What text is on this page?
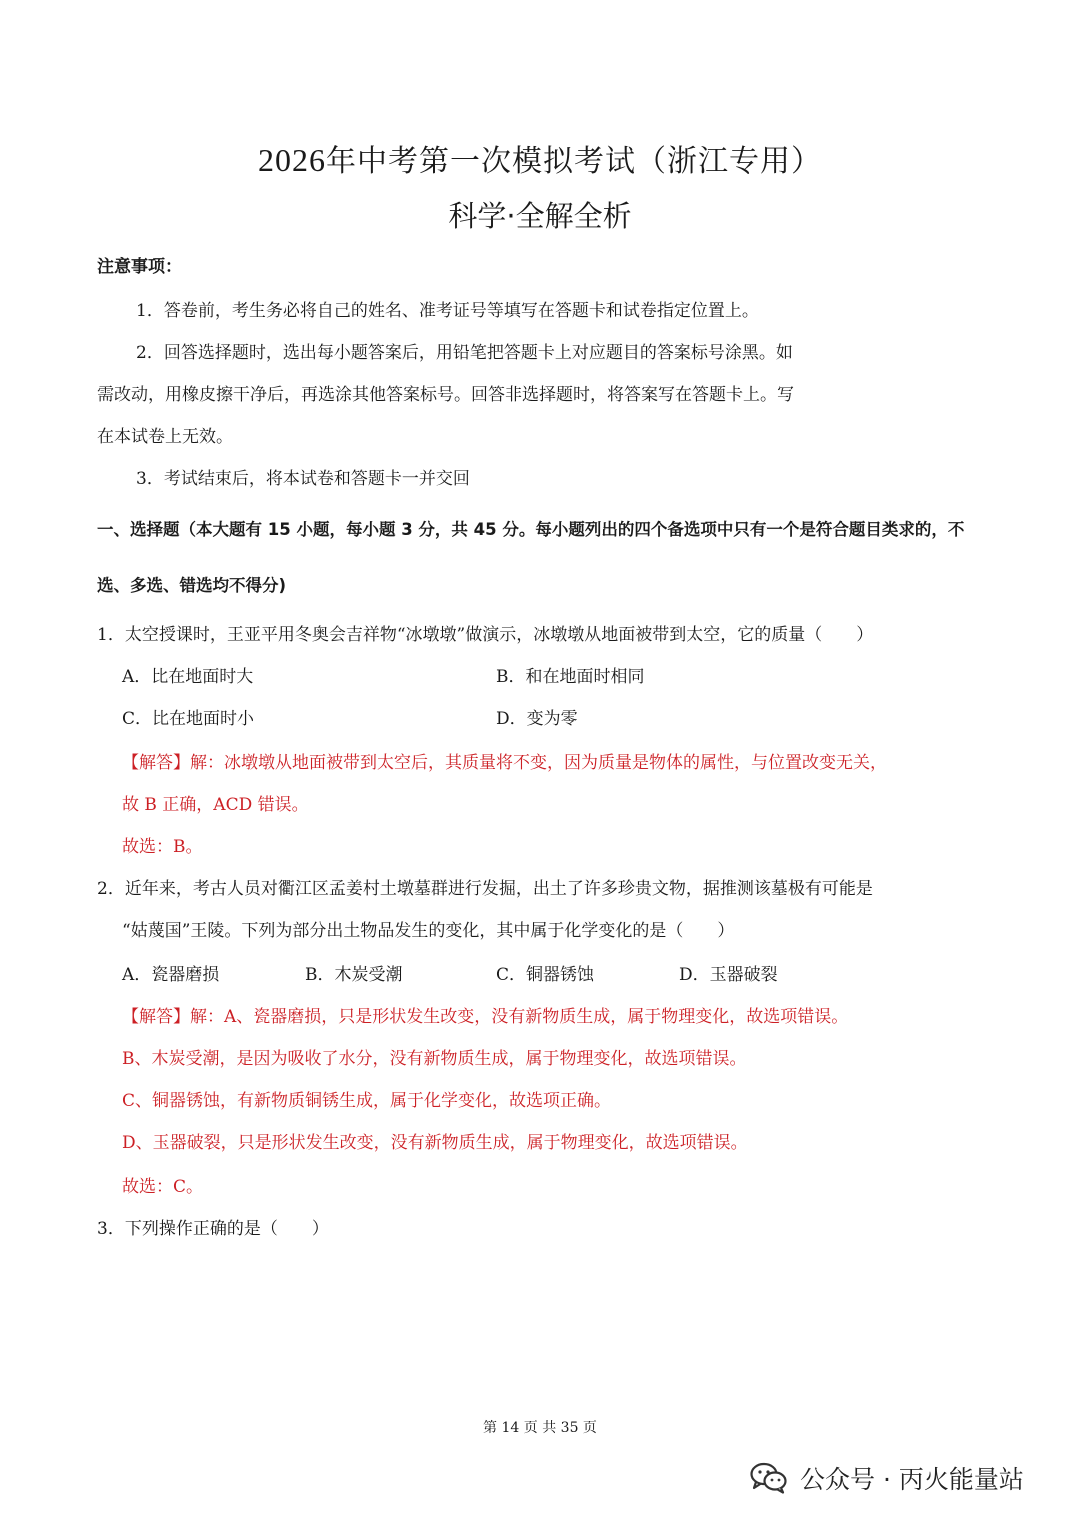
2026年中考第一次模拟考试（浙江专用）
科学·全解全析
注意事项：
1．答卷前，考生务必将自己的姓名、准考证号等填写在答题卡和试卷指定位置上。
2．回答选择题时，选出每小题答案后，用铅笔把答题卡上对应题目的答案标号涂黑。如
需改动，用橡皮擦干净后，再选涂其他答案标号。回答非选择题时，将答案写在答题卡上。写
在本试卷上无效。
3．考试结束后，将本试卷和答题卡一并交回
一、选择题（本大题有 15 小题，每小题 3 分，共 45 分。每小题列出的四个备选项中只有一个是符合题目类求的，不
选、多选、错选均不得分)
1．太空授课时，王亚平用冬奥会吉祥物“冰墩墩”做演示，冰墩墩从地面被带到太空，它的质量（　　）
A．比在地面时大	B．和在地面时相同
C．比在地面时小	D．变为零
【解答】解：冰墩墩从地面被带到太空后，其质量将不变，因为质量是物体的属性，与位置改变无关，
故 B 正确，ACD 错误。
故选：B。
2．近年来，考古人员对衢江区孟姜村土墩墓群进行发掘，出土了许多珍贵文物，据推测该墓极有可能是
“姑蔑国”王陵。下列为部分出土物品发生的变化，其中属于化学变化的是（　　）
A．瓷器磨损	B．木炭受潮	C．铜器锈蚀	D．玉器破裂
【解答】解：A、瓷器磨损，只是形状发生改变，没有新物质生成，属于物理变化，故选项错误。
B、木炭受潮，是因为吸收了水分，没有新物质生成，属于物理变化，故选项错误。
C、铜器锈蚀，有新物质铜锈生成，属于化学变化，故选项正确。
D、玉器破裂，只是形状发生改变，没有新物质生成，属于物理变化，故选项错误。
故选：C。
3．下列操作正确的是（　　）
第 14 页 共 35 页
公众号 · 丙火能量站
